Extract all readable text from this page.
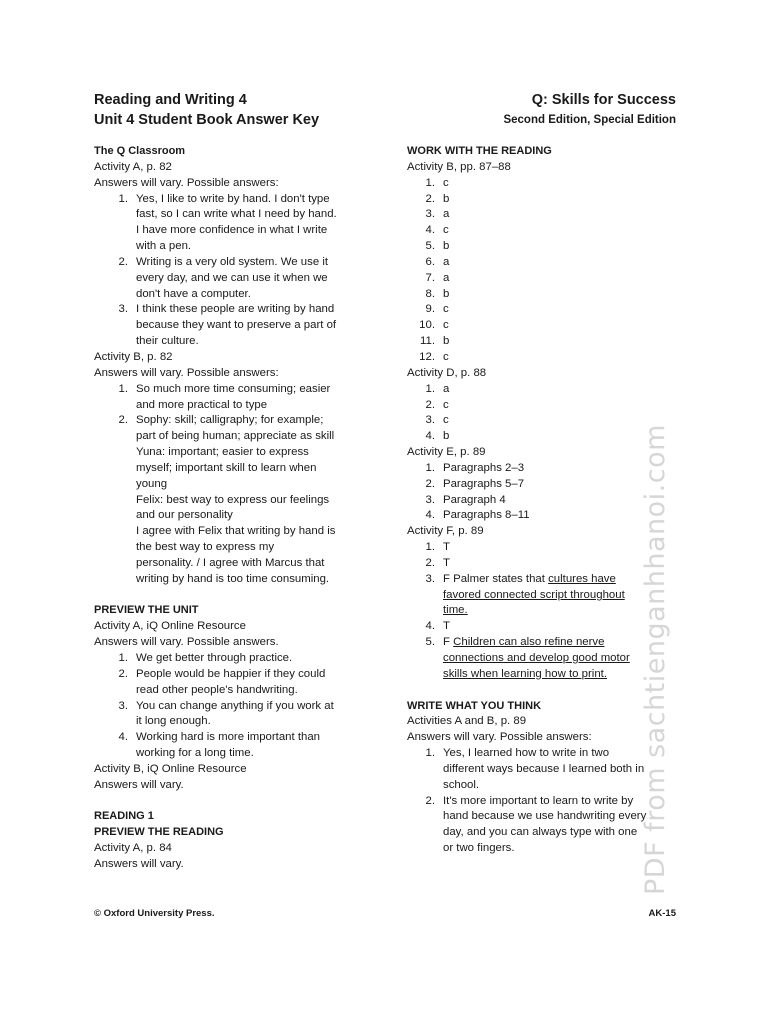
Reading and Writing 4
Unit 4 Student Book Answer Key
Q: Skills for Success
Second Edition, Special Edition
The Q Classroom
Activity A, p. 82
Answers will vary. Possible answers:
1. Yes, I like to write by hand. I don't type
fast, so I can write what I need by hand.
I have more confidence in what I write
with a pen.
2. Writing is a very old system. We use it
every day, and we can use it when we
don't have a computer.
3. I think these people are writing by hand
because they want to preserve a part of
their culture.
Activity B, p. 82
Answers will vary. Possible answers:
1. So much more time consuming; easier
and more practical to type
2. Sophy: skill; calligraphy; for example;
part of being human; appreciate as skill
Yuna: important; easier to express
myself; important skill to learn when
young
Felix: best way to express our feelings
and our personality
I agree with Felix that writing by hand is
the best way to express my
personality. / I agree with Marcus that
writing by hand is too time consuming.
PREVIEW THE UNIT
Activity A, iQ Online Resource
Answers will vary. Possible answers.
1. We get better through practice.
2. People would be happier if they could
read other people's handwriting.
3. You can change anything if you work at
it long enough.
4. Working hard is more important than
working for a long time.
Activity B, iQ Online Resource
Answers will vary.
READING 1
PREVIEW THE READING
Activity A, p. 84
Answers will vary.
WORK WITH THE READING
Activity B, pp. 87–88
1. c
2. b
3. a
4. c
5. b
6. a
7. a
8. b
9. c
10. c
11. b
12. c
Activity D, p. 88
1. a
2. c
3. c
4. b
Activity E, p. 89
1. Paragraphs 2–3
2. Paragraphs 5–7
3. Paragraph 4
4. Paragraphs 8–11
Activity F, p. 89
1. T
2. T
3. F Palmer states that cultures have
favored connected script throughout
time.
4. T
5. F Children can also refine nerve
connections and develop good motor
skills when learning how to print.
WRITE WHAT YOU THINK
Activities A and B, p. 89
Answers will vary. Possible answers:
1. Yes, I learned how to write in two
different ways because I learned both in
school.
2. It's more important to learn to write by
hand because we use handwriting every
day, and you can always type with one
or two fingers.
© Oxford University Press.	AK-15
PDF from sachtienganhhanoi.com
